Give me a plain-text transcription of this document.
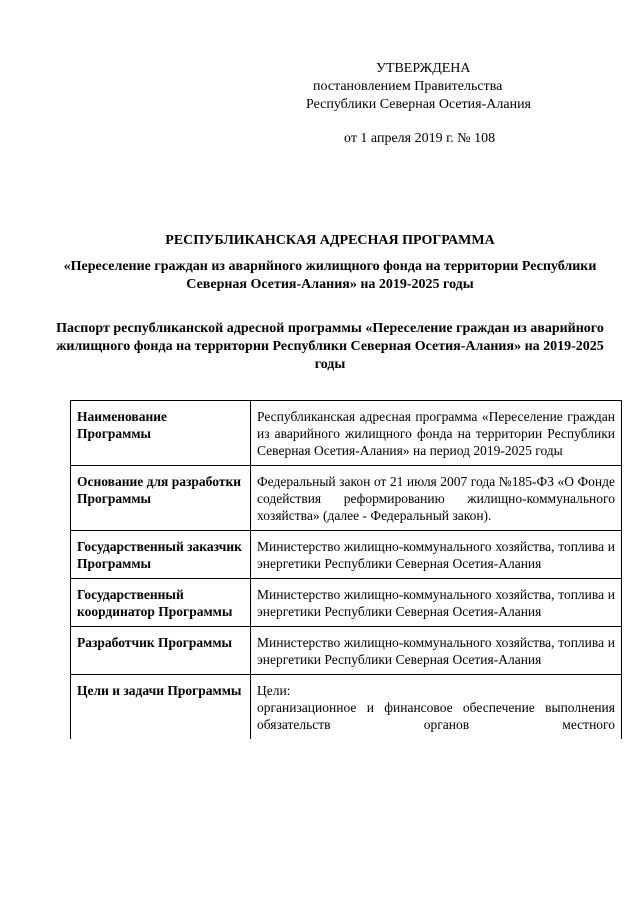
УТВЕРЖДЕНА
постановлением Правительства
Республики Северная Осетия-Алания
от 1 апреля 2019 г. № 108
РЕСПУБЛИКАНСКАЯ АДРЕСНАЯ ПРОГРАММА
«Переселение граждан из аварийного жилищного фонда на территории Республики Северная Осетия-Алания» на 2019-2025 годы
Паспорт республиканской адресной программы «Переселение граждан из аварийного жилищного фонда на территории Республики Северная Осетия-Алания» на 2019-2025 годы
Наименование Программы	Республиканская адресная программа «Переселение граждан из аварийного жилищного фонда на территории Республики Северная Осетия-Алания» на период 2019-2025 годы
Основание для разработки Программы	Федеральный закон от 21 июля 2007 года №185-ФЗ «О Фонде содействия реформированию жилищно-коммунального хозяйства» (далее - Федеральный закон).
Государственный заказчик Программы	Министерство жилищно-коммунального хозяйства, топлива и энергетики Республики Северная Осетия-Алания
Государственный координатор Программы	Министерство жилищно-коммунального хозяйства, топлива и энергетики Республики Северная Осетия-Алания
Разработчик Программы	Министерство жилищно-коммунального хозяйства, топлива и энергетики Республики Северная Осетия-Алания
Цели и задачи Программы	Цели:
организационное и финансовое обеспечение выполнения обязательств органов местного
